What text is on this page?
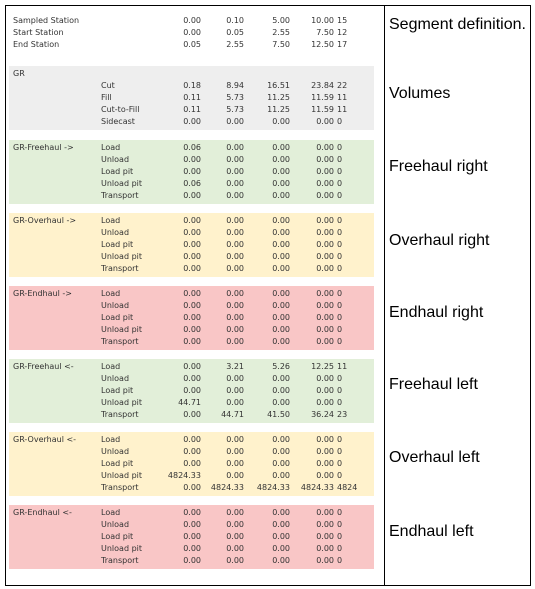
Sampled Station	0.00	0.10	5.00	10.00 15
Start Station	0.00	0.05	2.55	7.50 12
End Station	0.05	2.55	7.50	12.50 17
GR
Cut	0.18	8.94	16.51	23.84 22
Fill	0.11	5.73	11.25	11.59 11
Cut-to-Fill	0.11	5.73	11.25	11.59 11
Sidecast	0.00	0.00	0.00	0.00 0
GR-Freehaul ->	Load	0.06	0.00	0.00	0.00 0
Unload	0.00	0.00	0.00	0.00 0
Load pit	0.00	0.00	0.00	0.00 0
Unload pit	0.06	0.00	0.00	0.00 0
Transport	0.00	0.00	0.00	0.00 0
GR-Overhaul ->	Load	0.00	0.00	0.00	0.00 0
Unload	0.00	0.00	0.00	0.00 0
Load pit	0.00	0.00	0.00	0.00 0
Unload pit	0.00	0.00	0.00	0.00 0
Transport	0.00	0.00	0.00	0.00 0
GR-Endhaul ->	Load	0.00	0.00	0.00	0.00 0
Unload	0.00	0.00	0.00	0.00 0
Load pit	0.00	0.00	0.00	0.00 0
Unload pit	0.00	0.00	0.00	0.00 0
Transport	0.00	0.00	0.00	0.00 0
GR-Freehaul <-	Load	0.00	3.21	5.26	12.25 11
Unload	0.00	0.00	0.00	0.00 0
Load pit	0.00	0.00	0.00	0.00 0
Unload pit	44.71	0.00	0.00	0.00 0
Transport	0.00	44.71	41.50	36.24 23
GR-Overhaul <-	Load	0.00	0.00	0.00	0.00 0
Unload	0.00	0.00	0.00	0.00 0
Load pit	0.00	0.00	0.00	0.00 0
Unload pit	4824.33	0.00	0.00	0.00 0
Transport	0.00	4824.33	4824.33	4824.33 4824
GR-Endhaul <-	Load	0.00	0.00	0.00	0.00 0
Unload	0.00	0.00	0.00	0.00 0
Load pit	0.00	0.00	0.00	0.00 0
Unload pit	0.00	0.00	0.00	0.00 0
Transport	0.00	0.00	0.00	0.00 0
Segment definition.
Volumes
Freehaul right
Overhaul right
Endhaul right
Freehaul left
Overhaul left
Endhaul left
